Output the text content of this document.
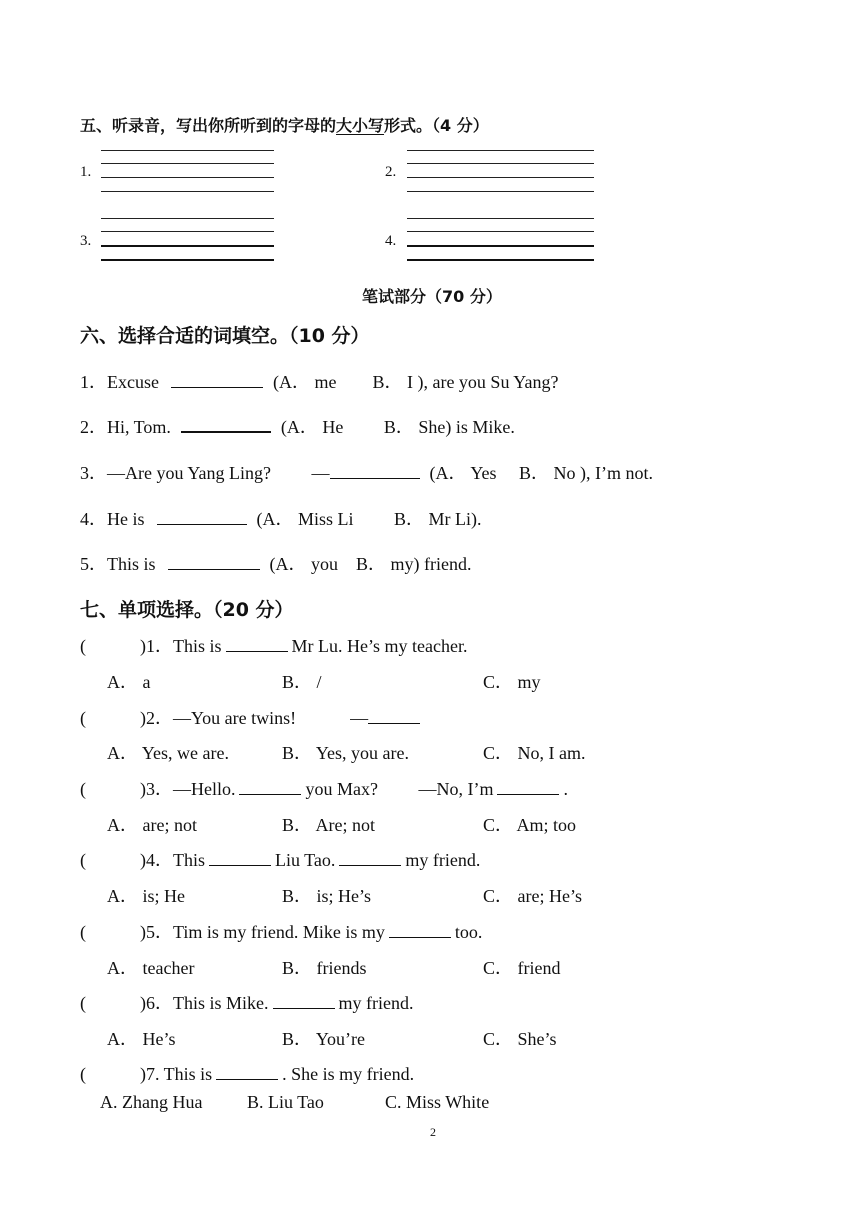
五、听录音，写出你所听到的字母的大小写形式。（4 分）
1.	2.
3.	4.
笔试部分（70 分）
六、选择合适的词填空。（10 分）
1．Excuse	(A． me　　B． I ), are you Su Yang?
2．Hi, Tom.	(A． He　　 B． She) is Mike.
3．—Are you Yang Ling?　　 —	(A． Yes　 B． No ), I’m not.
4．He is	(A． Miss Li　　 B． Mr Li).
5．This is	(A． you　B． my) friend.
七、单项选择。（20 分）
(　　　)1．This is	Mr Lu. He’s my teacher.
A． a	B． /	C． my
(　　　)2．—You are twins!　　　—
A． Yes, we are.	B． Yes, you are.	C． No, I am.
(　　　)3．—Hello.	you Max?　　 —No, I’m	.
A． are; not	B． Are; not	C． Am; too
(　　　)4．This	Liu Tao.	my friend.
A． is; He	B． is; He’s	C． are; He’s
(　　　)5．Tim is my friend. Mike is my	too.
A． teacher	B． friends	C． friend
(　　　)6．This is Mike.	my friend.
A． He’s	B． You’re	C． She’s
(　　　)7. This is	. She is my friend.
A. Zhang Hua B. Liu Tao	C. Miss White
2
